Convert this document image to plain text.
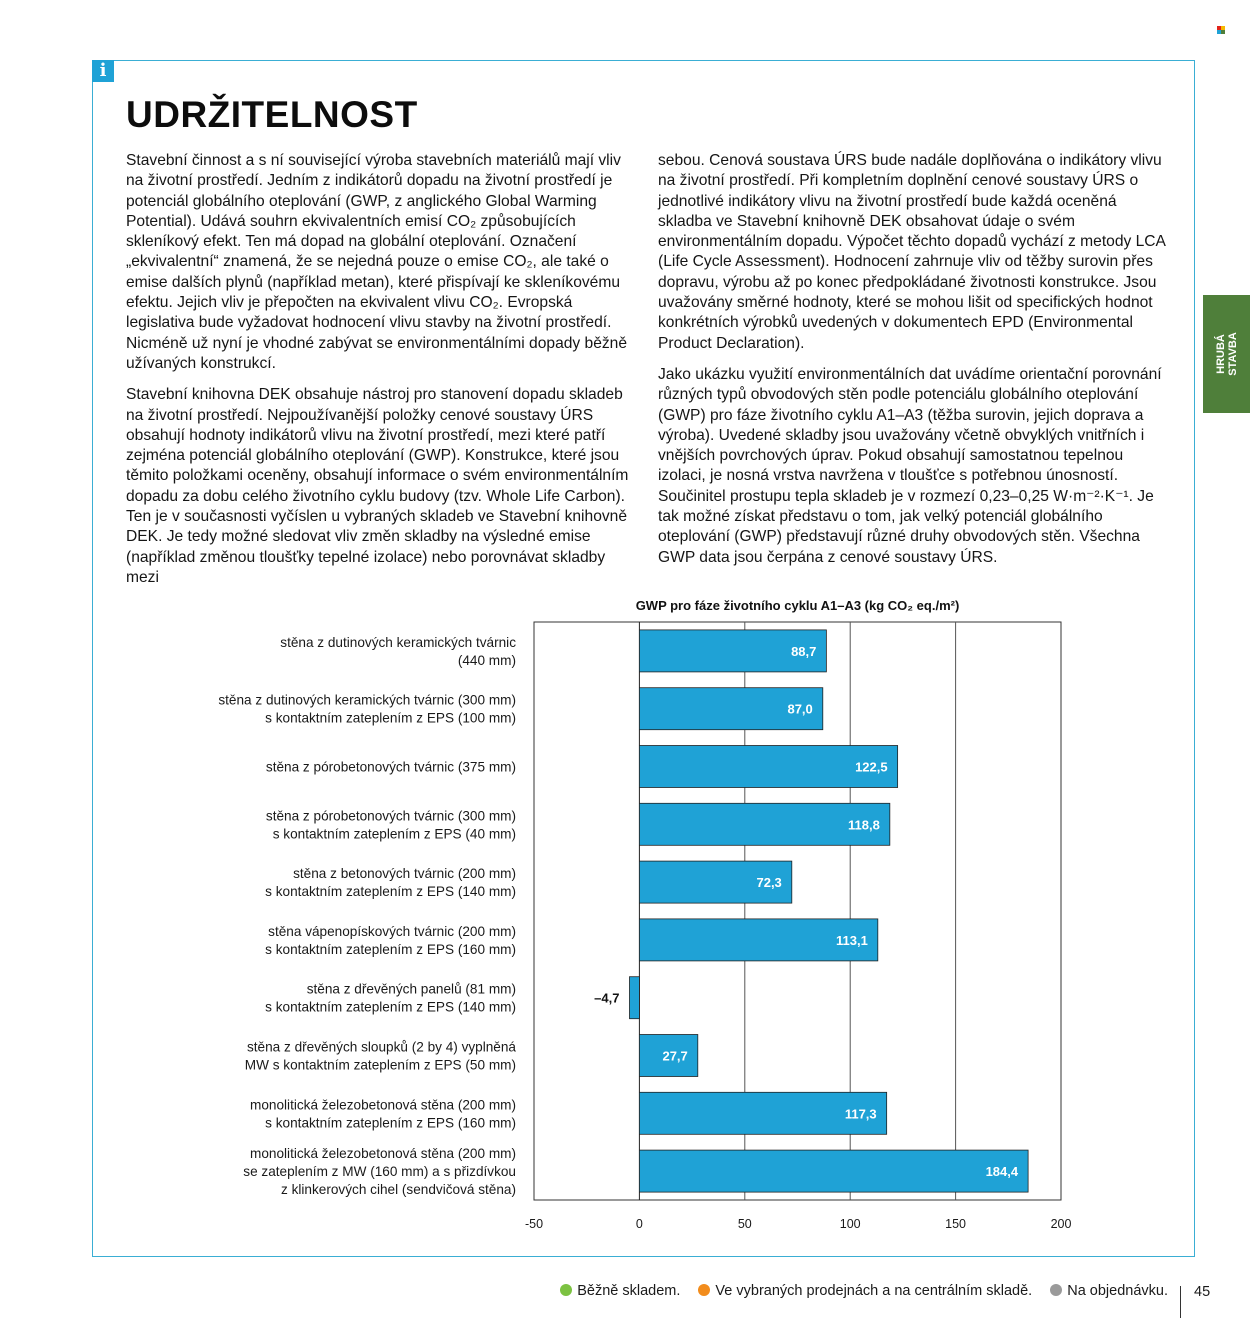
i
UDRŽITELNOST

Stavební činnost a s ní související výroba stavebních materiálů mají vliv na životní prostředí. Jedním z indikátorů dopadu na životní prostředí je potenciál globálního oteplování (GWP, z anglického Global Warming Potential). Udává souhrn ekvivalentních emisí CO₂ způsobujících skleníkový efekt. Ten má dopad na globální oteplování. Označení „ekvivalentní“ znamená, že se nejedná pouze o emise CO₂, ale také o emise dalších plynů (například metan), které přispívají ke skleníkovému efektu. Jejich vliv je přepočten na ekvivalent vlivu CO₂. Evropská legislativa bude vyžadovat hodnocení vlivu stavby na životní prostředí. Nicméně už nyní je vhodné zabývat se environmentálními dopady běžně užívaných konstrukcí.

Stavební knihovna DEK obsahuje nástroj pro stanovení dopadu skladeb na životní prostředí. Nejpoužívanější položky cenové soustavy ÚRS obsahují hodnoty indikátorů vlivu na životní prostředí, mezi které patří zejména potenciál globálního oteplování (GWP). Konstrukce, které jsou těmito položkami oceněny, obsahují informace o svém environmentálním dopadu za dobu celého životního cyklu budovy (tzv. Whole Life Carbon). Ten je v současnosti vyčíslen u vybraných skladeb ve Stavební knihovně DEK. Je tedy možné sledovat vliv změn skladby na výsledné emise (například změnou tloušťky tepelné izolace) nebo porovnávat skladby mezi

sebou. Cenová soustava ÚRS bude nadále doplňována o indikátory vlivu na životní prostředí. Při kompletním doplnění cenové soustavy ÚRS o jednotlivé indikátory vlivu na životní prostředí bude každá oceněná skladba ve Stavební knihovně DEK obsahovat údaje o svém environmentálním dopadu. Výpočet těchto dopadů vychází z metody LCA (Life Cycle Assessment). Hodnocení zahrnuje vliv od těžby surovin přes dopravu, výrobu až po konec předpokládané životnosti konstrukce. Jsou uvažovány směrné hodnoty, které se mohou lišit od specifických hodnot konkrétních výrobků uvedených v dokumentech EPD (Environmental Product Declaration).

Jako ukázku využití environmentálních dat uvádíme orientační porovnání různých typů obvodových stěn podle potenciálu globálního oteplování (GWP) pro fáze životního cyklu A1–A3 (těžba surovin, jejich doprava a výroba). Uvedené skladby jsou uvažovány včetně obvyklých vnitřních i vnějších povrchových úprav. Pokud obsahují samostatnou tepelnou izolaci, je nosná vrstva navržena v tloušťce s potřebnou únosností. Součinitel prostupu tepla skladeb je v rozmezí 0,23–0,25 W·m⁻²·K⁻¹. Je tak možné získat představu o tom, jak velký potenciál globálního oteplování (GWP) představují různé druhy obvodových stěn. Všechna GWP data jsou čerpána z cenové soustavy ÚRS.

HRUBÁ
STAVBA
GWP pro fáze životního cyklu A1–A3 (kg CO₂ eq./m²)
-50	0	50	100	150	200
88,7
stěna z dutinových keramických tvárnic (440 mm)
87,0
stěna z dutinových keramických tvárnic (300 mm) s kontaktním zateplením z EPS (100 mm)
122,5
stěna z pórobetonových tvárnic (375 mm)
118,8
stěna z pórobetonových tvárnic (300 mm) s kontaktním zateplením z EPS (40 mm)
72,3
stěna z betonových tvárnic (200 mm) s kontaktním zateplením z EPS (140 mm)
113,1
stěna vápenopískových tvárnic (200 mm) s kontaktním zateplením z EPS (160 mm)
–4,7
stěna z dřevěných panelů (81 mm) s kontaktním zateplením z EPS (140 mm)
27,7
stěna z dřevěných sloupků (2 by 4) vyplněná MW s kontaktním zateplením z EPS (50 mm)
117,3
monolitická železobetonová stěna (200 mm) s kontaktním zateplením z EPS (160 mm)
184,4
monolitická železobetonová stěna (200 mm) se zateplením z MW (160 mm) a s přizdívkou z klinkerových cihel (sendvičová stěna)
Běžně skladem. Ve vybraných prodejnách a na centrálním skladě. Na objednávku. 45
